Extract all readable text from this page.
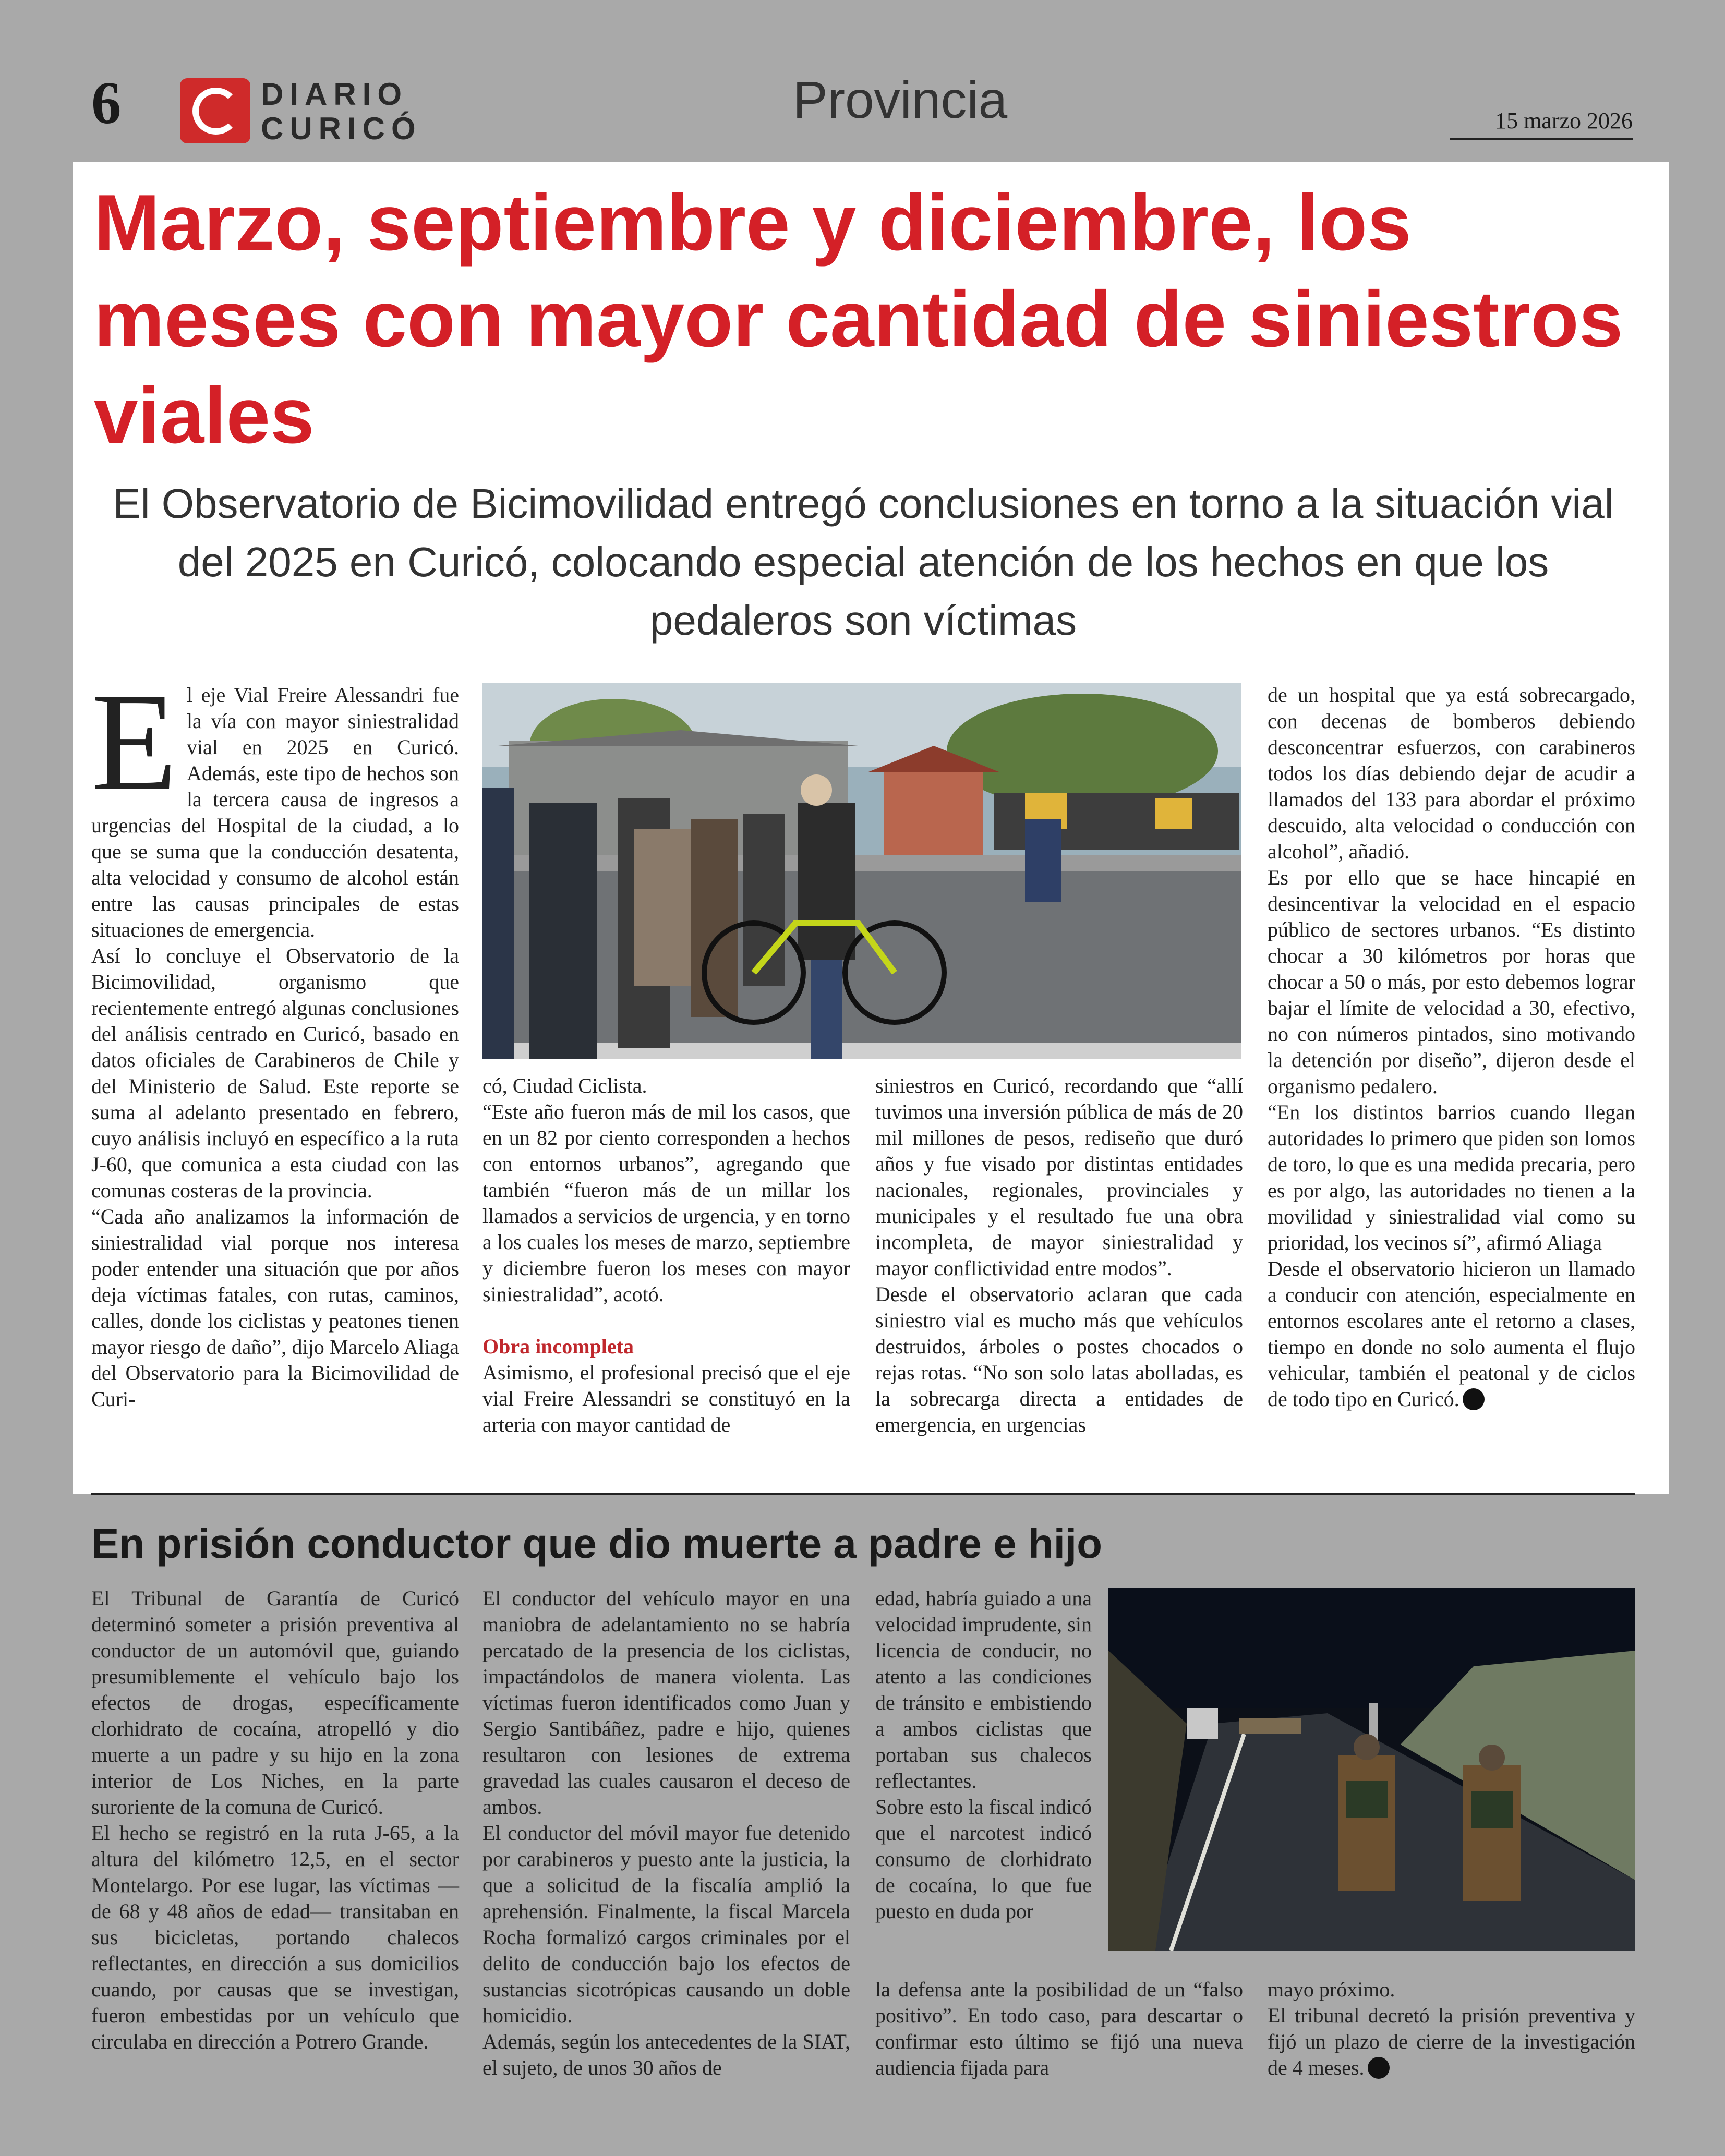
6	DIARIO
CURICÓ	Provincia	15 marzo 2026
Marzo, septiembre y diciembre, los meses con mayor cantidad de siniestros viales
El Observatorio de Bicimovilidad entregó conclusiones en torno a la situación vial del 2025 en Curicó, colocando especial atención de los hechos en que los pedaleros son víctimas
E l eje Vial Freire Alessandri fue la vía con mayor siniestralidad vial en 2025 en Curicó. Además, este tipo de hechos son la tercera causa de ingresos a urgencias del Hospital de la ciudad, a lo que se suma que la conducción desatenta, alta velocidad y consumo de alcohol están entre las causas principales de estas situaciones de emergencia.

Así lo concluye el Observatorio de la Bicimovilidad, organismo que recientemente entregó algunas conclusiones del análisis centrado en Curicó, basado en datos oficiales de Carabineros de Chile y del Ministerio de Salud. Este reporte se suma al adelanto presentado en febrero, cuyo análisis incluyó en específico a la ruta J-60, que comunica a esta ciudad con las comunas costeras de la provincia.

“Cada año analizamos la información de siniestralidad vial porque nos interesa poder entender una situación que por años deja víctimas fatales, con rutas, caminos, calles, donde los ciclistas y peatones tienen mayor riesgo de daño”, dijo Marcelo Aliaga del Observatorio para la Bicimovilidad de Curi-

có, Ciudad Ciclista.

“Este año fueron más de mil los casos, que en un 82 por ciento corresponden a hechos con entornos urbanos”, agregando que también “fueron más de un millar los llamados a servicios de urgencia, y en torno a los cuales los meses de marzo, septiembre y diciembre fueron los meses con mayor siniestralidad”, acotó.

Obra incompleta

Asimismo, el profesional precisó que el eje vial Freire Alessandri se constituyó en la arteria con mayor cantidad de

siniestros en Curicó, recordando que “allí tuvimos una inversión pública de más de 20 mil millones de pesos, rediseño que duró años y fue visado por distintas entidades nacionales, regionales, provinciales y municipales y el resultado fue una obra incompleta, de mayor siniestralidad y mayor conflictividad entre modos”.

Desde el observatorio aclaran que cada siniestro vial es mucho más que vehículos destruidos, árboles o postes chocados o rejas rotas. “No son solo latas abolladas, es la sobrecarga directa a entidades de emergencia, en urgencias

de un hospital que ya está sobrecargado, con decenas de bomberos debiendo desconcentrar esfuerzos, con carabineros todos los días debiendo dejar de acudir a llamados del 133 para abordar el próximo descuido, alta velocidad o conducción con alcohol”, añadió.

Es por ello que se hace hincapié en desincentivar la velocidad en el espacio público de sectores urbanos. “Es distinto chocar a 30 kilómetros por horas que chocar a 50 o más, por esto debemos lograr bajar el límite de velocidad a 30, efectivo, no con números pintados, sino motivando la detención por diseño”, dijeron desde el organismo pedalero.

“En los distintos barrios cuando llegan autoridades lo primero que piden son lomos de toro, lo que es una medida precaria, pero es por algo, las autoridades no tienen a la movilidad y siniestralidad vial como su prioridad, los vecinos sí”, afirmó Aliaga

Desde el observatorio hicieron un llamado a conducir con atención, especialmente en entornos escolares ante el retorno a clases, tiempo en donde no solo aumenta el flujo vehicular, también el peatonal y de ciclos de todo tipo en Curicó.

En prisión conductor que dio muerte a padre e hijo

El Tribunal de Garantía de Curicó determinó someter a prisión preventiva al conductor de un automóvil que, guiando presumiblemente el vehículo bajo los efectos de drogas, específicamente clorhidrato de cocaína, atropelló y dio muerte a un padre y su hijo en la zona interior de Los Niches, en la parte suroriente de la comuna de Curicó.

El hecho se registró en la ruta J-65, a la altura del kilómetro 12,5, en el sector Montelargo. Por ese lugar, las víctimas —de 68 y 48 años de edad— transitaban en sus bicicletas, portando chalecos reflectantes, en dirección a sus domicilios cuando, por causas que se investigan, fueron embestidas por un vehículo que circulaba en dirección a Potrero Grande.

El conductor del vehículo mayor en una maniobra de adelantamiento no se habría percatado de la presencia de los ciclistas, impactándolos de manera violenta. Las víctimas fueron identificados como Juan y Sergio Santibáñez, padre e hijo, quienes resultaron con lesiones de extrema gravedad las cuales causaron el deceso de ambos.

El conductor del móvil mayor fue detenido por carabineros y puesto ante la justicia, la que a solicitud de la fiscalía amplió la aprehensión. Finalmente, la fiscal Marcela Rocha formalizó cargos criminales por el delito de conducción bajo los efectos de sustancias sicotrópicas causando un doble homicidio.

Además, según los antecedentes de la SIAT, el sujeto, de unos 30 años de

edad, habría guiado a una velocidad imprudente, sin licencia de conducir, no atento a las condiciones de tránsito e embistiendo a ambos ciclistas que portaban sus chalecos reflectantes.

Sobre esto la fiscal indicó que el narcotest indicó consumo de clorhidrato de cocaína, lo que fue puesto en duda por

la defensa ante la posibilidad de un “falso positivo”. En todo caso, para descartar o confirmar esto último se fijó una nueva audiencia fijada para

mayo próximo.

El tribunal decretó la prisión preventiva y fijó un plazo de cierre de la investigación de 4 meses.
